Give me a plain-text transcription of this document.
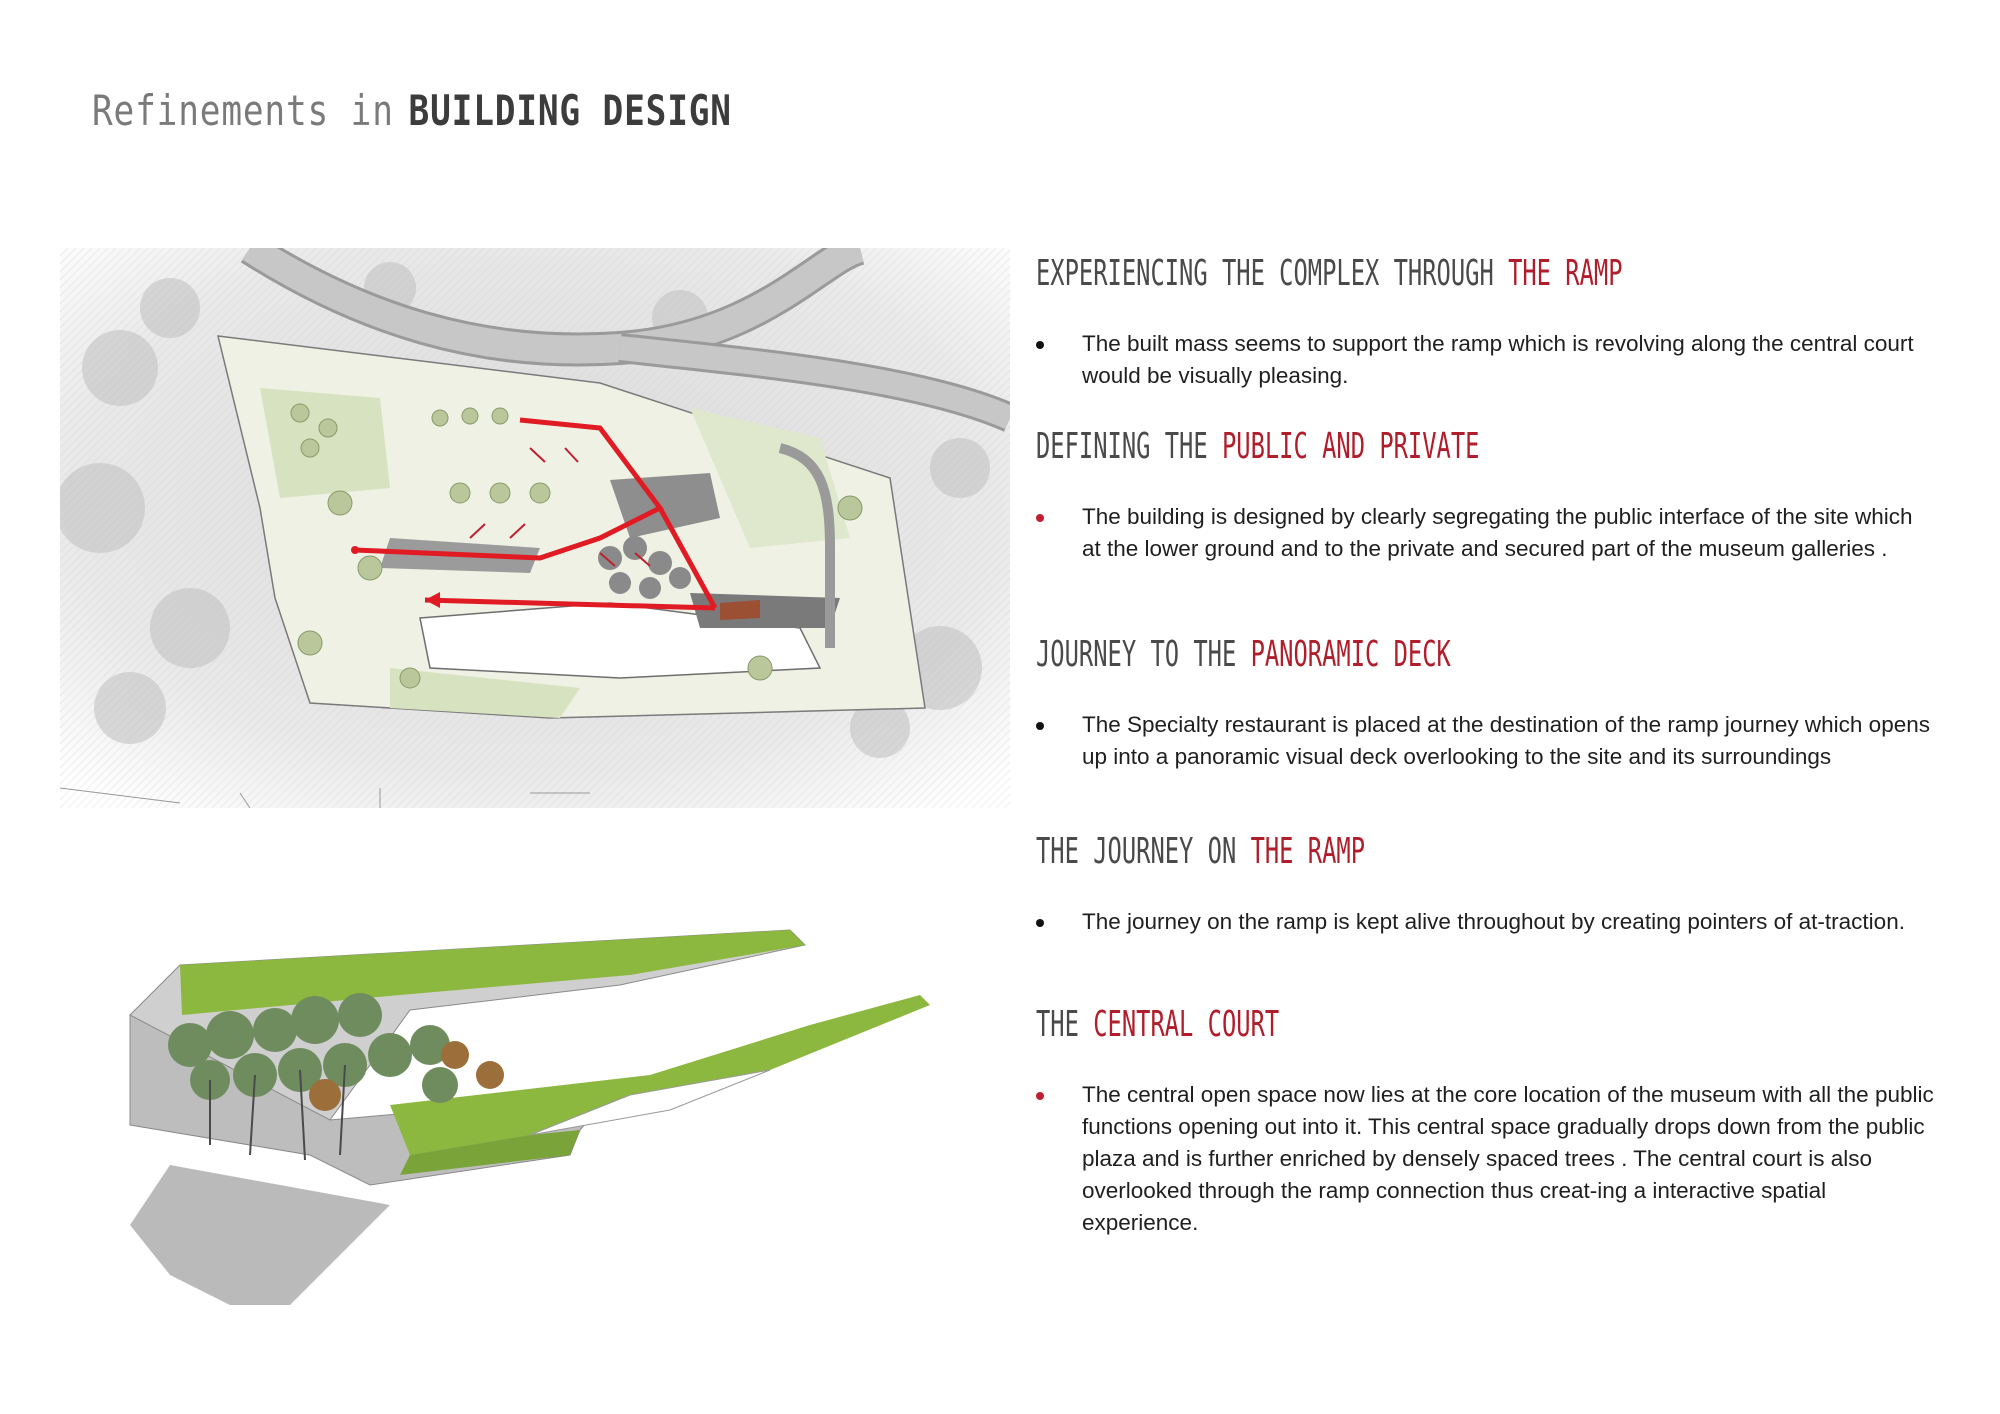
Refinements in BUILDING DESIGN
EXPERIENCING THE COMPLEX THROUGH THE RAMP
The built mass seems to support the ramp which is revolving along the central court would be visually pleasing.
DEFINING THE PUBLIC AND PRIVATE
The building is designed by clearly segregating the public interface of the site which at the lower ground and to the private and secured part of the museum galleries .
JOURNEY TO THE PANORAMIC DECK
The Specialty restaurant is placed at the destination of the ramp journey which opens up into a panoramic visual deck overlooking to the site and its surroundings
THE JOURNEY ON THE RAMP
The journey on the ramp is kept alive throughout by creating pointers of at-traction.
THE CENTRAL COURT
The central open space now lies at the core location of the museum with all the public functions opening out into it. This central space gradually drops down from the public plaza and is further enriched by densely spaced trees . The central court is also overlooked through the ramp connection thus creat-ing a interactive spatial experience.
